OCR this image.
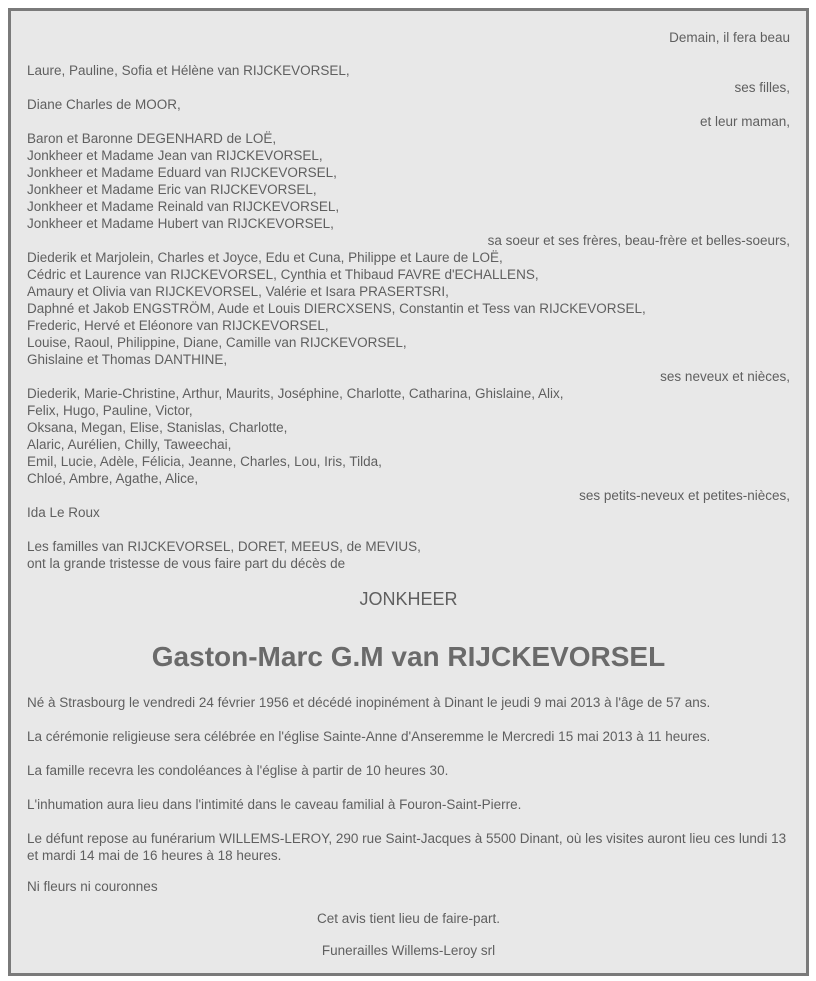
Demain, il fera beau
Laure, Pauline, Sofia et Hélène van RIJCKEVORSEL,
ses filles,
Diane Charles de MOOR,
et leur maman,
Baron et Baronne DEGENHARD de LOË,
Jonkheer et Madame Jean van RIJCKEVORSEL,
Jonkheer et Madame Eduard van RIJCKEVORSEL,
Jonkheer et Madame Eric van RIJCKEVORSEL,
Jonkheer et Madame Reinald van RIJCKEVORSEL,
Jonkheer et Madame Hubert van RIJCKEVORSEL,
sa soeur et ses frères, beau-frère et belles-soeurs,
Diederik et Marjolein, Charles et Joyce, Edu et Cuna, Philippe et Laure de LOË,
Cédric et Laurence van RIJCKEVORSEL, Cynthia et Thibaud FAVRE d'ECHALLENS,
Amaury et Olivia van RIJCKEVORSEL, Valérie et Isara PRASERTSRI,
Daphné et Jakob ENGSTRÖM, Aude et Louis DIERCXSENS, Constantin et Tess van RIJCKEVORSEL,
Frederic, Hervé et Eléonore van RIJCKEVORSEL,
Louise, Raoul, Philippine, Diane, Camille van RIJCKEVORSEL,
Ghislaine et Thomas DANTHINE,
ses neveux et nièces,
Diederik, Marie-Christine, Arthur, Maurits, Joséphine, Charlotte, Catharina, Ghislaine, Alix,
Felix, Hugo, Pauline, Victor,
Oksana, Megan, Elise, Stanislas, Charlotte,
Alaric, Aurélien, Chilly, Taweechai,
Emil, Lucie, Adèle, Félicia, Jeanne, Charles, Lou, Iris, Tilda,
Chloé, Ambre, Agathe, Alice,
ses petits-neveux et petites-nièces,
Ida Le Roux
Les familles van RIJCKEVORSEL, DORET, MEEUS, de MEVIUS,
ont la grande tristesse de vous faire part du décès de
JONKHEER
Gaston-Marc G.M van RIJCKEVORSEL
Né à Strasbourg le vendredi 24 février 1956 et décédé inopinément à Dinant le jeudi 9 mai 2013 à l'âge de 57 ans.
La cérémonie religieuse sera célébrée en l'église Sainte-Anne d'Anseremme le Mercredi 15 mai 2013 à 11 heures.
La famille recevra les condoléances à l'église à partir de 10 heures 30.
L'inhumation aura lieu dans l'intimité dans le caveau familial à Fouron-Saint-Pierre.
Le défunt repose au funérarium WILLEMS-LEROY, 290 rue Saint-Jacques à 5500 Dinant, où les visites auront lieu ces lundi 13 et mardi 14 mai de 16 heures à 18 heures.
Ni fleurs ni couronnes
Cet avis tient lieu de faire-part.
Funerailles Willems-Leroy srl
